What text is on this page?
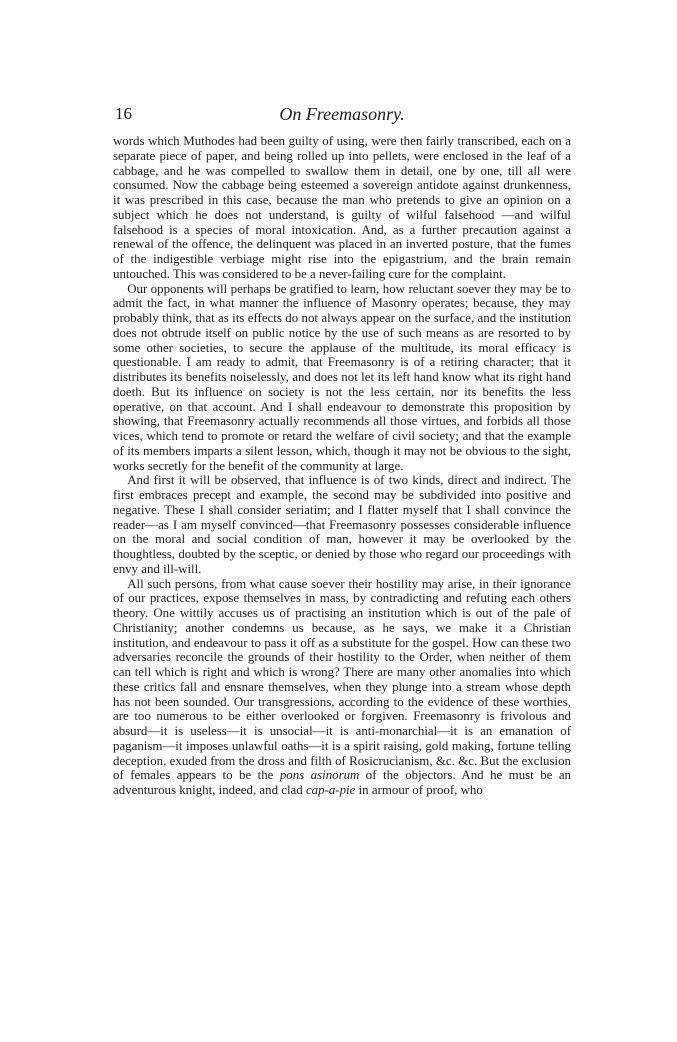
16	On Freemasonry.

words which Muthodes had been guilty of using, were then fairly transcribed, each on a separate piece of paper, and being rolled up into pellets, were enclosed in the leaf of a cabbage, and he was compelled to swallow them in detail, one by one, till all were consumed. Now the cabbage being esteemed a sovereign antidote against drunkenness, it was prescribed in this case, because the man who pretends to give an opinion on a subject which he does not understand, is guilty of wilful falsehood —and wilful falsehood is a species of moral intoxication. And, as a further precaution against a renewal of the offence, the delinquent was placed in an inverted posture, that the fumes of the indigestible verbiage might rise into the epigastrium, and the brain remain untouched. This was considered to be a never-failing cure for the complaint.

Our opponents will perhaps be gratified to learn, how reluctant soever they may be to admit the fact, in what manner the influence of Masonry operates; because, they may probably think, that as its effects do not always appear on the surface, and the institution does not obtrude itself on public notice by the use of such means as are resorted to by some other societies, to secure the applause of the multitude, its moral efficacy is questionable. I am ready to admit, that Freemasonry is of a retiring character; that it distributes its benefits noiselessly, and does not let its left hand know what its right hand doeth. But its influence on society is not the less certain, nor its benefits the less operative, on that account. And I shall endeavour to demonstrate this proposition by showing, that Freemasonry actually recommends all those virtues, and forbids all those vices, which tend to promote or retard the welfare of civil society; and that the example of its members imparts a silent lesson, which, though it may not be obvious to the sight, works secretly for the benefit of the community at large.

And first it will be observed, that influence is of two kinds, direct and indirect. The first embraces precept and example, the second may be subdivided into positive and negative. These I shall consider seriatim; and I flatter myself that I shall convince the reader—as I am myself convinced—that Freemasonry possesses considerable influence on the moral and social condition of man, however it may be overlooked by the thoughtless, doubted by the sceptic, or denied by those who regard our proceedings with envy and ill-will.

All such persons, from what cause soever their hostility may arise, in their ignorance of our practices, expose themselves in mass, by contradicting and refuting each others theory. One wittily accuses us of practising an institution which is out of the pale of Christianity; another condemns us because, as he says, we make it a Christian institution, and endeavour to pass it off as a substitute for the gospel. How can these two adversaries reconcile the grounds of their hostility to the Order, when neither of them can tell which is right and which is wrong? There are many other anomalies into which these critics fall and ensnare themselves, when they plunge into a stream whose depth has not been sounded. Our transgressions, according to the evidence of these worthies, are too numerous to be either overlooked or forgiven. Freemasonry is frivolous and absurd—it is useless—it is unsocial—it is anti-monarchial—it is an emanation of paganism—it imposes unlawful oaths—it is a spirit raising, gold making, fortune telling deception, exuded from the dross and filth of Rosicrucianism, &c. &c. But the exclusion of females appears to be the pons asinorum of the objectors. And he must be an adventurous knight, indeed, and clad cap-a-pie in armour of proof, who
